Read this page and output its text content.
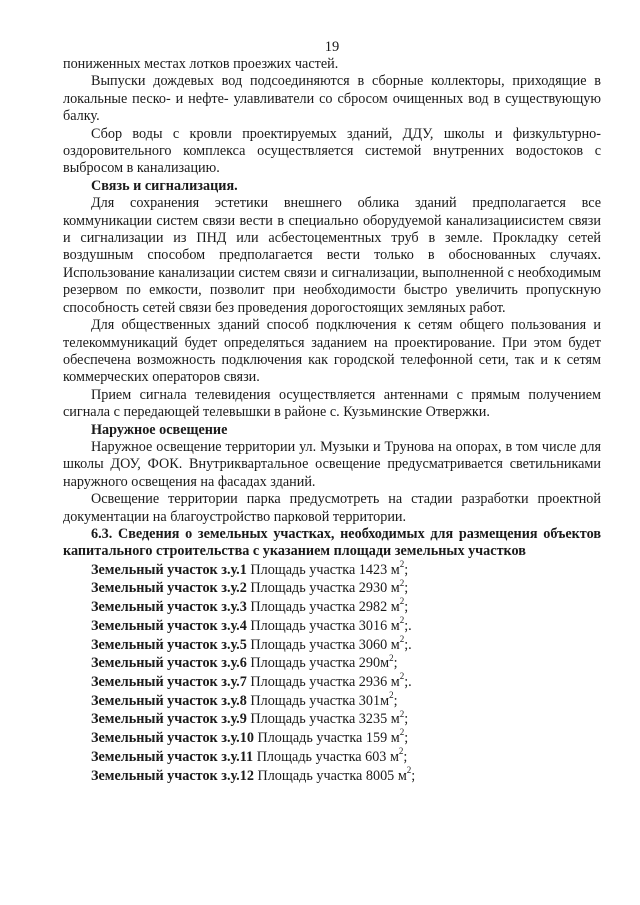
19

пониженных местах лотков проезжих частей.

Выпуски дождевых вод подсоединяются в сборные коллекторы, приходящие в локальные песко- и нефте- улавливатели со сбросом очищенных вод в существующую балку.

Сбор воды с кровли проектируемых зданий, ДДУ, школы и физкультурно-оздоровительного комплекса осуществляется системой внутренних водостоков с выбросом в канализацию.

Связь и сигнализация.

Для сохранения эстетики внешнего облика зданий предполагается все коммуникации систем связи вести в специально оборудуемой канализациисистем связи и сигнализации из ПНД или асбестоцементных труб в земле. Прокладку сетей воздушным способом предполагается вести только в обоснованных случаях. Использование канализации систем связи и сигнализации, выполненной с необходимым резервом по емкости, позволит при необходимости быстро увеличить пропускную способность сетей связи без проведения дорогостоящих земляных работ.

Для общественных зданий способ подключения к сетям общего пользования и телекоммуникаций будет определяться заданием на проектирование. При этом будет обеспечена возможность подключения как городской телефонной сети, так и к сетям коммерческих операторов связи.

Прием сигнала телевидения осуществляется антеннами с прямым получением сигнала с передающей телевышки в районе с. Кузьминские Отвержки.

Наружное освещение

Наружное освещение территории ул. Музыки и Трунова на опорах, в том числе для школы ДОУ, ФОК. Внутриквартальное освещение предусматривается светильниками наружного освещения на фасадах зданий.

Освещение территории парка предусмотреть на стадии разработки проектной документации на благоустройство парковой территории.

6.3. Сведения о земельных участках, необходимых для размещения объектов капитального строительства с указанием площади земельных участков

Земельный участок з.у.1 Площадь участка 1423 $м^2$;
Земельный участок з.у.2 Площадь участка 2930 $м^2$;
Земельный участок з.у.3 Площадь участка 2982 $м^2$;
Земельный участок з.у.4 Площадь участка 3016 $м^2$;.
Земельный участок з.у.5 Площадь участка 3060 $м^2$;.
Земельный участок з.у.6 Площадь участка $290м^2$;
Земельный участок з.у.7 Площадь участка 2936 $м^2$;.
Земельный участок з.у.8 Площадь участка $301м^2$;
Земельный участок з.у.9 Площадь участка 3235 $м^2$;
Земельный участок з.у.10 Площадь участка 159 $м^2$;
Земельный участок з.у.11 Площадь участка 603 $м^2$;
Земельный участок з.у.12 Площадь участка 8005 $м^2$;
